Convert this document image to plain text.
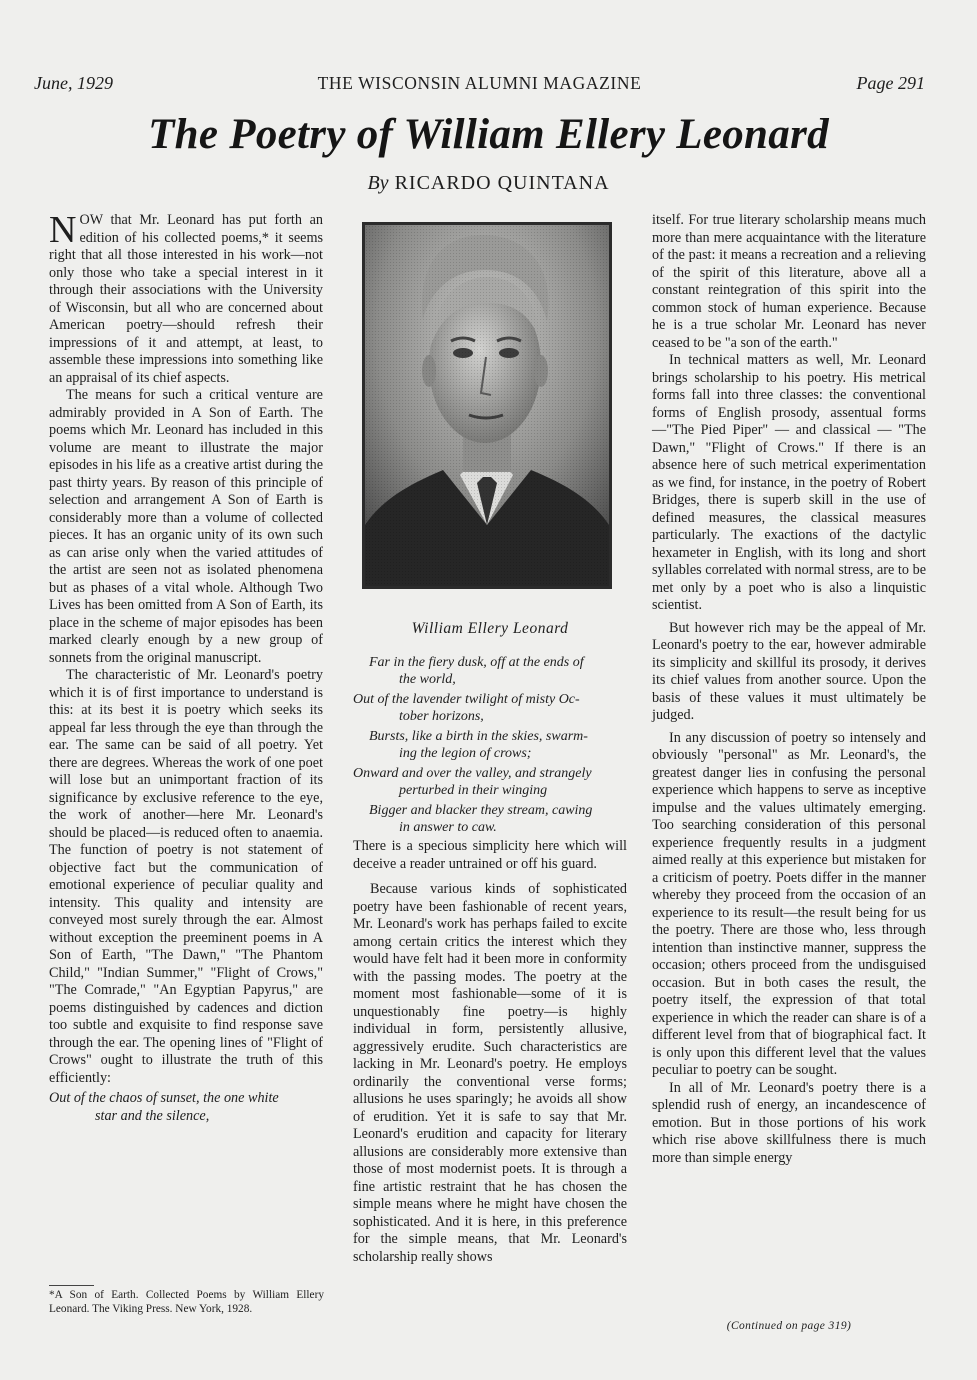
June, 1929	THE WISCONSIN ALUMNI MAGAZINE	Page 291
The Poetry of William Ellery Leonard
By RICARDO QUINTANA

NOW that Mr. Leonard has put forth an edition of his collected poems,* it seems right that all those interested in his work—not only those who take a special interest in it through their associations with the University of Wisconsin, but all who are concerned about American poetry—should refresh their impressions of it and attempt, at least, to assemble these impressions into something like an appraisal of its chief aspects.

The means for such a critical venture are admirably provided in A Son of Earth. The poems which Mr. Leonard has included in this volume are meant to illustrate the major episodes in his life as a creative artist during the past thirty years. By reason of this principle of selection and arrangement A Son of Earth is considerably more than a volume of collected pieces. It has an organic unity of its own such as can arise only when the varied attitudes of the artist are seen not as isolated phenomena but as phases of a vital whole. Although Two Lives has been omitted from A Son of Earth, its place in the scheme of major episodes has been marked clearly enough by a new group of sonnets from the original manuscript.

The characteristic of Mr. Leonard's poetry which it is of first importance to understand is this: at its best it is poetry which seeks its appeal far less through the eye than through the ear. The same can be said of all poetry. Yet there are degrees. Whereas the work of one poet will lose but an unimportant fraction of its significance by exclusive reference to the eye, the work of another—here Mr. Leonard's should be placed—is reduced often to anaemia. The function of poetry is not statement of objective fact but the communication of emotional experience of peculiar quality and intensity. This quality and intensity are conveyed most surely through the ear. Almost without exception the preeminent poems in A Son of Earth, "The Dawn," "The Phantom Child," "Indian Summer," "Flight of Crows," "The Comrade," "An Egyptian Papyrus," are poems distinguished by cadences and diction too subtle and exquisite to find response save through the ear. The opening lines of "Flight of Crows" ought to illustrate the truth of this efficiently:

Out of the chaos of sunset, the one white
star and the silence,
*A Son of Earth. Collected Poems by William Ellery Leonard. The Viking Press. New York, 1928.
William Ellery Leonard
Far in the fiery dusk, off at the ends of
the world,
Out of the lavender twilight of misty Oc-
tober horizons,
Bursts, like a birth in the skies, swarm-
ing the legion of crows;
Onward and over the valley, and strangely
perturbed in their winging
Bigger and blacker they stream, cawing
in answer to caw.

There is a specious simplicity here which will deceive a reader untrained or off his guard.

Because various kinds of sophisticated poetry have been fashionable of recent years, Mr. Leonard's work has perhaps failed to excite among certain critics the interest which they would have felt had it been more in conformity with the passing modes. The poetry at the moment most fashionable—some of it is unquestionably fine poetry—is highly individual in form, persistently allusive, aggressively erudite. Such characteristics are lacking in Mr. Leonard's poetry. He employs ordinarily the conventional verse forms; allusions he uses sparingly; he avoids all show of erudition. Yet it is safe to say that Mr. Leonard's erudition and capacity for literary allusions are considerably more extensive than those of most modernist poets. It is through a fine artistic restraint that he has chosen the simple means where he might have chosen the sophisticated. And it is here, in this preference for the simple means, that Mr. Leonard's scholarship really shows

itself. For true literary scholarship means much more than mere acquaintance with the literature of the past: it means a recreation and a relieving of the spirit of this literature, above all a constant reintegration of this spirit into the common stock of human experience. Because he is a true scholar Mr. Leonard has never ceased to be "a son of the earth."

In technical matters as well, Mr. Leonard brings scholarship to his poetry. His metrical forms fall into three classes: the conventional forms of English prosody, assentual forms—"The Pied Piper" — and classical — "The Dawn," "Flight of Crows." If there is an absence here of such metrical experimentation as we find, for instance, in the poetry of Robert Bridges, there is superb skill in the use of defined measures, the classical measures particularly. The exactions of the dactylic hexameter in English, with its long and short syllables correlated with normal stress, are to be met only by a poet who is also a linquistic scientist.

But however rich may be the appeal of Mr. Leonard's poetry to the ear, however admirable its simplicity and skillful its prosody, it derives its chief values from another source. Upon the basis of these values it must ultimately be judged.

In any discussion of poetry so intensely and obviously "personal" as Mr. Leonard's, the greatest danger lies in confusing the personal experience which happens to serve as inceptive impulse and the values ultimately emerging. Too searching consideration of this personal experience frequently results in a judgment aimed really at this experience but mistaken for a criticism of poetry. Poets differ in the manner whereby they proceed from the occasion of an experience to its result—the result being for us the poetry. There are those who, less through intention than instinctive manner, suppress the occasion; others proceed from the undisguised occasion. But in both cases the result, the poetry itself, the expression of that total experience in which the reader can share is of a different level from that of biographical fact. It is only upon this different level that the values peculiar to poetry can be sought.

In all of Mr. Leonard's poetry there is a splendid rush of energy, an incandescence of emotion. But in those portions of his work which rise above skillfulness there is much more than simple energy

(Continued on page 319)
